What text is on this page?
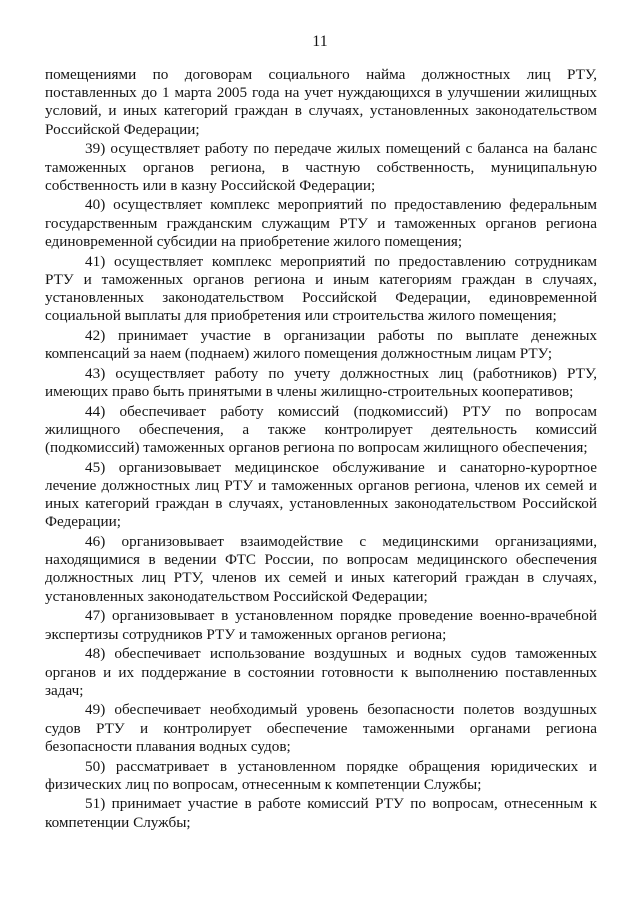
11

помещениями по договорам социального найма должностных лиц РТУ, поставленных до 1 марта 2005 года на учет нуждающихся в улучшении жилищных условий, и иных категорий граждан в случаях, установленных законодательством Российской Федерации;

39) осуществляет работу по передаче жилых помещений с баланса на баланс таможенных органов региона, в частную собственность, муниципальную собственность или в казну Российской Федерации;

40) осуществляет комплекс мероприятий по предоставлению федеральным государственным гражданским служащим РТУ и таможенных органов региона единовременной субсидии на приобретение жилого помещения;

41) осуществляет комплекс мероприятий по предоставлению сотрудникам РТУ и таможенных органов региона и иным категориям граждан в случаях, установленных законодательством Российской Федерации, единовременной социальной выплаты для приобретения или строительства жилого помещения;

42) принимает участие в организации работы по выплате денежных компенсаций за наем (поднаем) жилого помещения должностным лицам РТУ;

43) осуществляет работу по учету должностных лиц (работников) РТУ, имеющих право быть принятыми в члены жилищно-строительных кооперативов;

44) обеспечивает работу комиссий (подкомиссий) РТУ по вопросам жилищного обеспечения, а также контролирует деятельность комиссий (подкомиссий) таможенных органов региона по вопросам жилищного обеспечения;

45) организовывает медицинское обслуживание и санаторно-курортное лечение должностных лиц РТУ и таможенных органов региона, членов их семей и иных категорий граждан в случаях, установленных законодательством Российской Федерации;

46) организовывает взаимодействие с медицинскими организациями, находящимися в ведении ФТС России, по вопросам медицинского обеспечения должностных лиц РТУ, членов их семей и иных категорий граждан в случаях, установленных законодательством Российской Федерации;

47) организовывает в установленном порядке проведение военно-врачебной экспертизы сотрудников РТУ и таможенных органов региона;

48) обеспечивает использование воздушных и водных судов таможенных органов и их поддержание в состоянии готовности к выполнению поставленных задач;

49) обеспечивает необходимый уровень безопасности полетов воздушных судов РТУ и контролирует обеспечение таможенными органами региона безопасности плавания водных судов;

50) рассматривает в установленном порядке обращения юридических и физических лиц по вопросам, отнесенным к компетенции Службы;

51) принимает участие в работе комиссий РТУ по вопросам, отнесенным к компетенции Службы;
